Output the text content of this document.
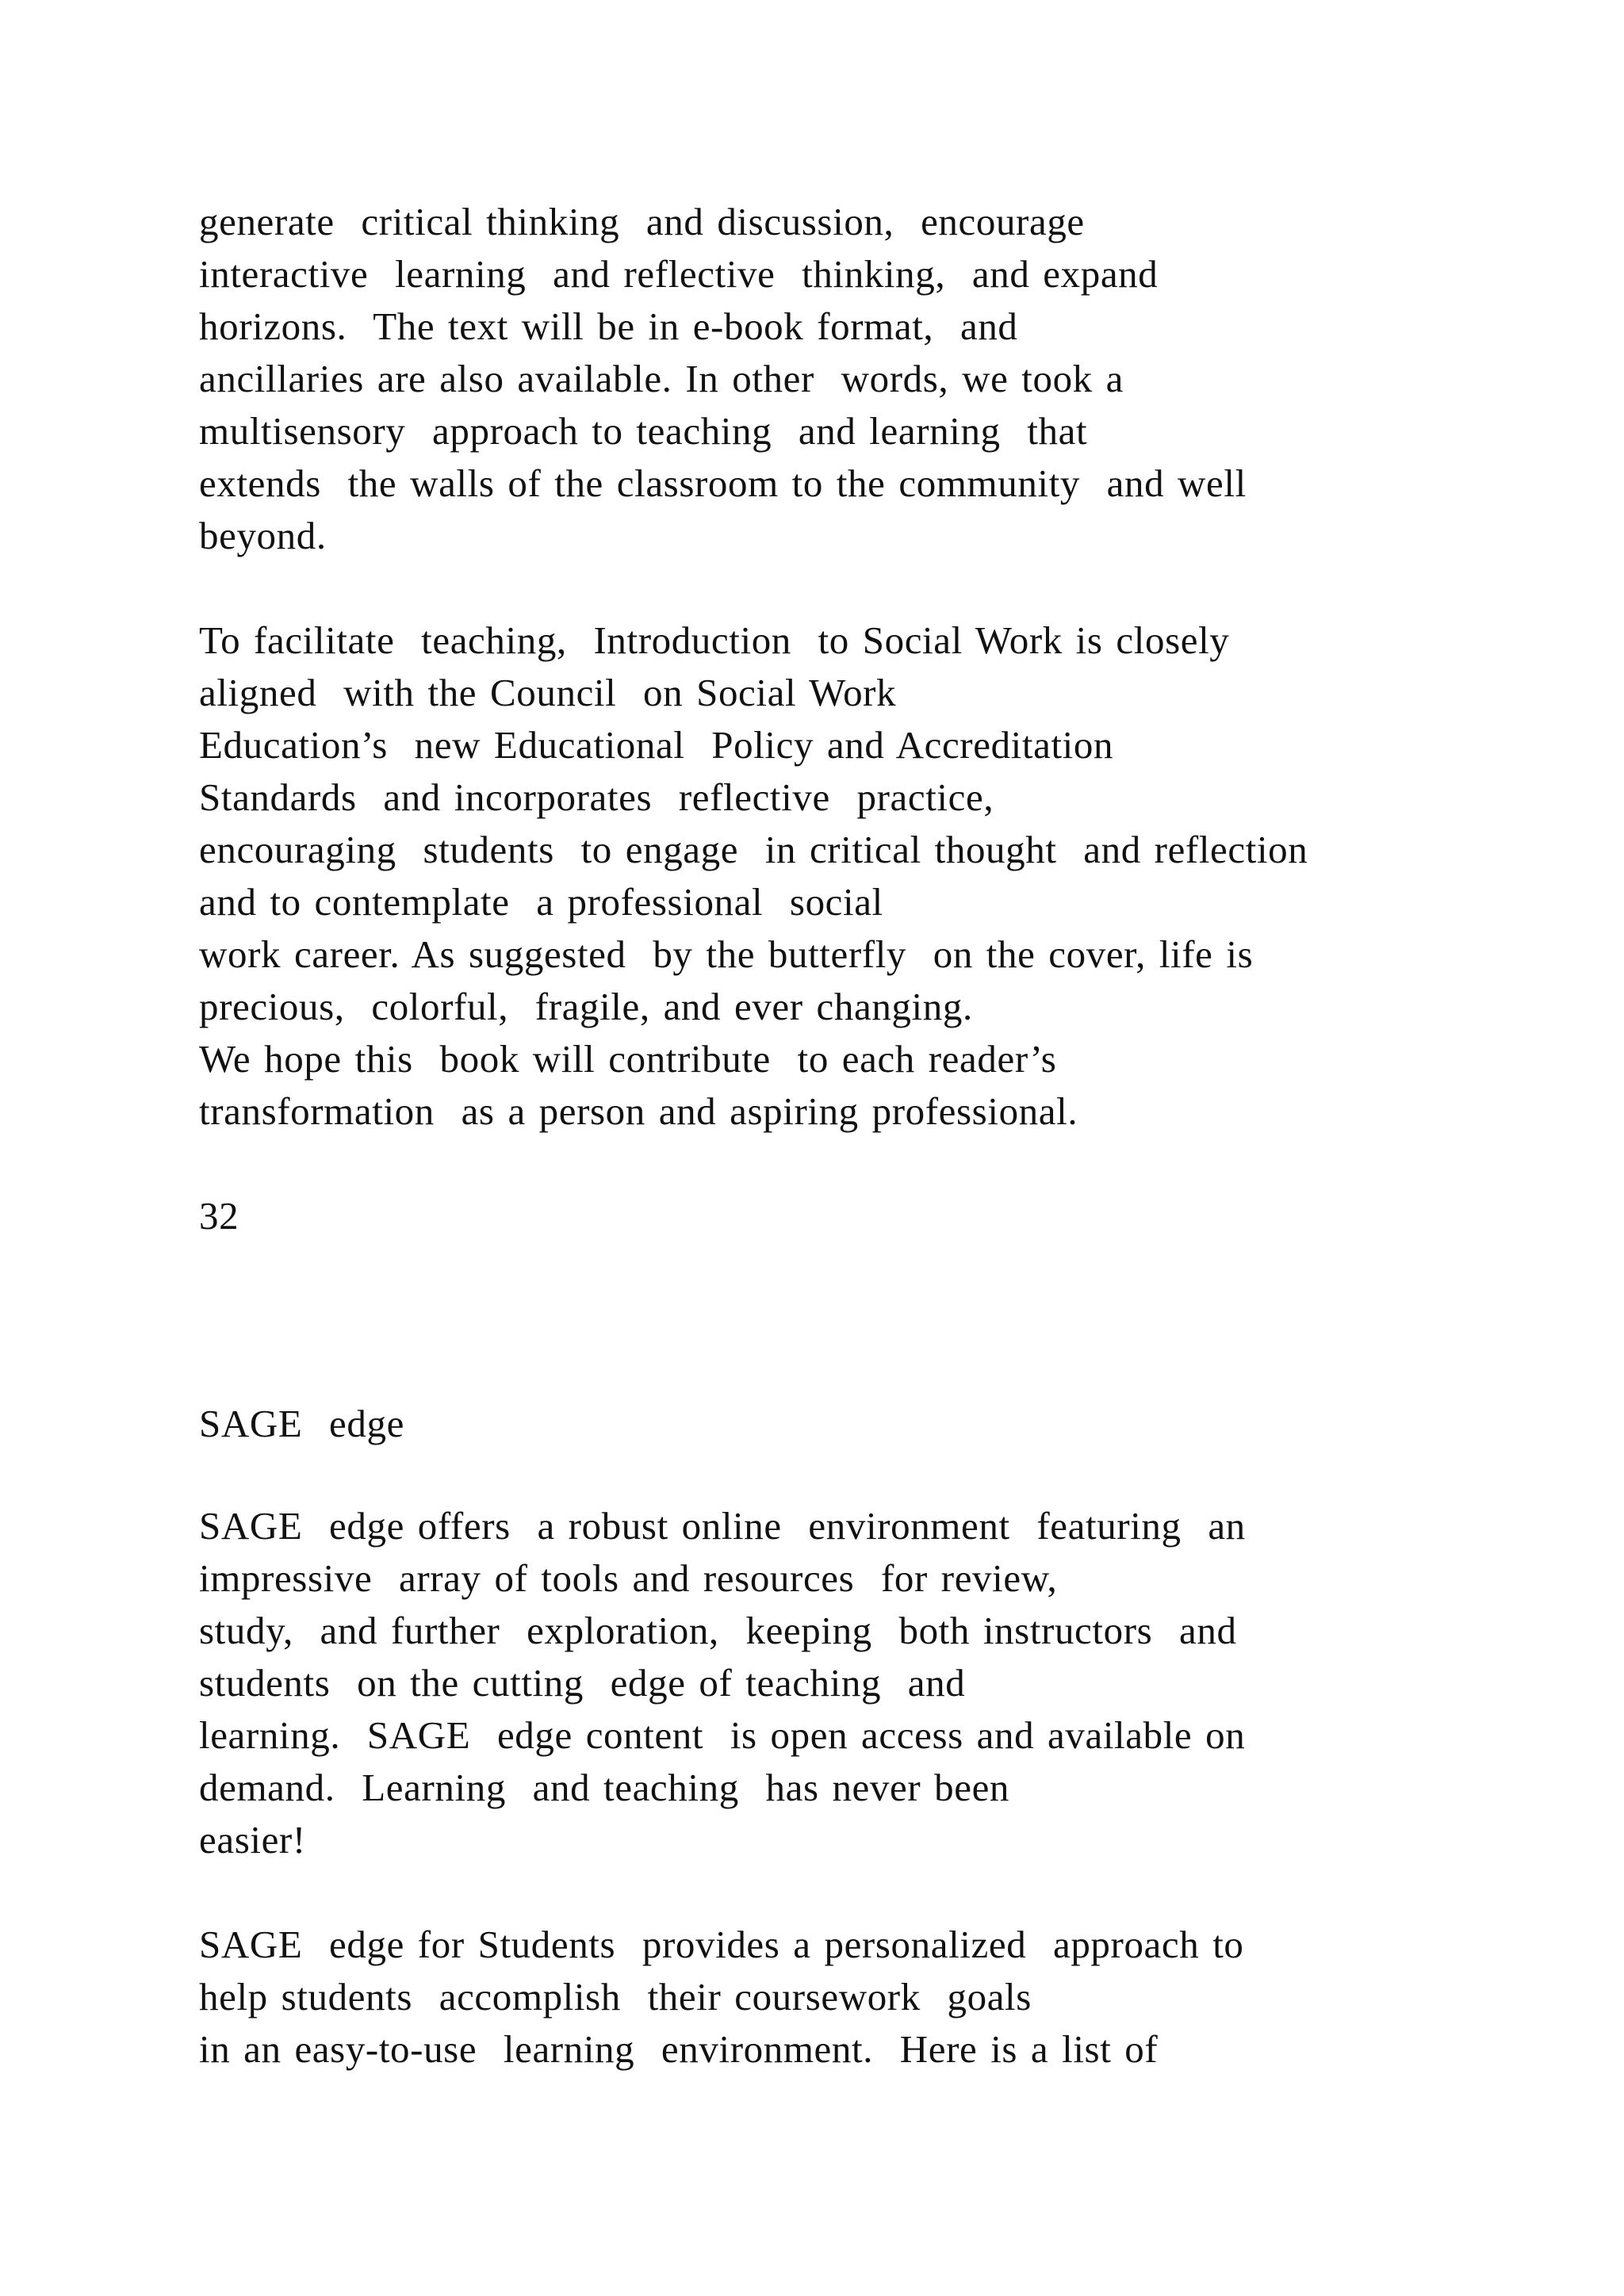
generate  critical thinking  and discussion,  encourage
interactive  learning  and reflective  thinking,  and expand
horizons.  The text will be in e-book format,  and
ancillaries are also available. In other  words, we took a
multisensory  approach to teaching  and learning  that
extends  the walls of the classroom to the community  and well
beyond.
To facilitate  teaching,  Introduction  to Social Work is closely
aligned  with the Council  on Social Work
Education’s  new Educational  Policy and Accreditation
Standards  and incorporates  reflective  practice,
encouraging  students  to engage  in critical thought  and reflection
and to contemplate  a professional  social
work career. As suggested  by the butterfly  on the cover, life is
precious,  colorful,  fragile, and ever changing.
We hope this  book will contribute  to each reader’s
transformation  as a person and aspiring professional.
32
SAGE  edge
SAGE  edge offers  a robust online  environment  featuring  an
impressive  array of tools and resources  for review,
study,  and further  exploration,  keeping  both instructors  and
students  on the cutting  edge of teaching  and
learning.  SAGE  edge content  is open access and available on
demand.  Learning  and teaching  has never been
easier!
SAGE  edge for Students  provides a personalized  approach to
help students  accomplish  their coursework  goals
in an easy-to-use  learning  environment.  Here is a list of
